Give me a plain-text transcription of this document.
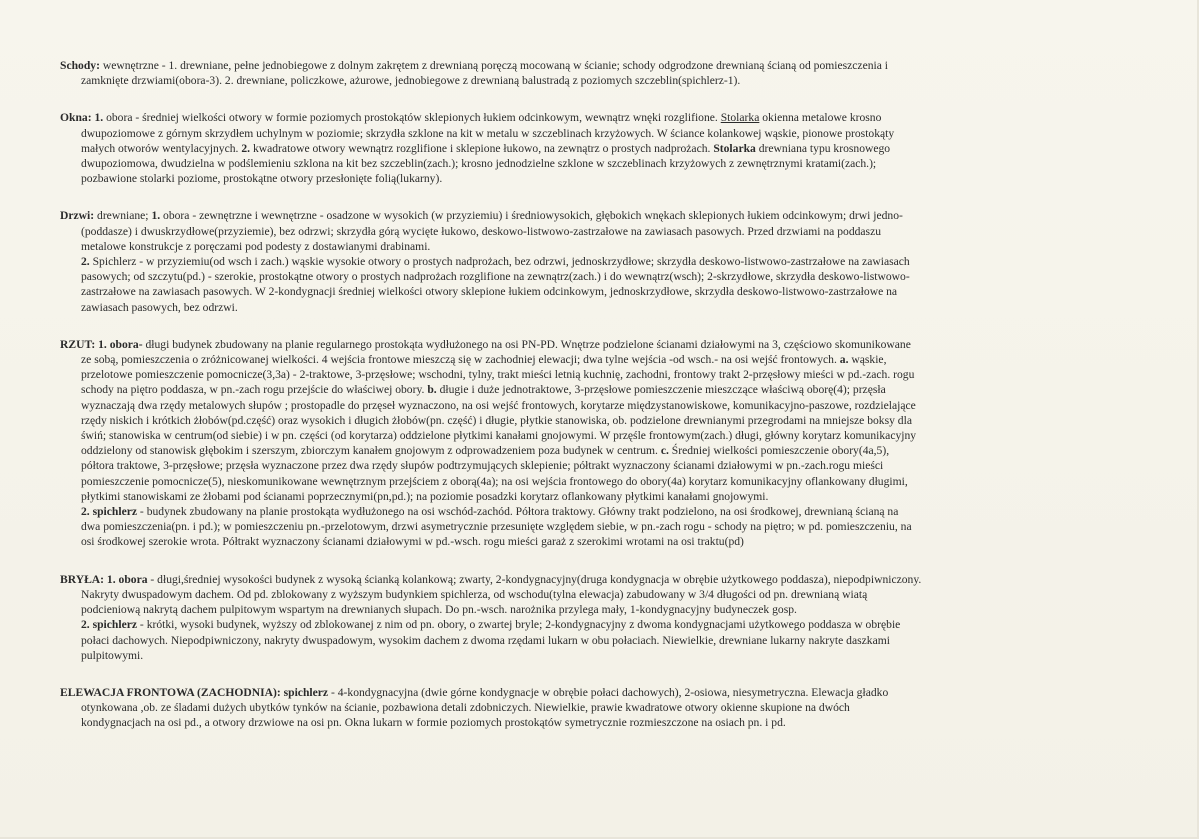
Schody: wewnętrzne - 1. drewniane, pełne jednobiegowe z dolnym zakrętem z drewnianą poręczą mocowaną w ścianie; schody odgrodzone drewnianą ścianą od pomieszczenia i
zamknięte drzwiami(obora-3). 2. drewniane, policzkowe, ażurowe, jednobiegowe z drewnianą balustradą z poziomych szczeblin(spichlerz-1).
Okna: 1. obora - średniej wielkości otwory w formie poziomych prostokątów sklepionych łukiem odcinkowym, wewnątrz wnęki rozglifione. Stolarka okienna metalowe krosno
dwupoziomowe z górnym skrzydłem uchylnym w poziomie; skrzydła szklone na kit w metalu w szczeblinach krzyżowych. W ściance kolankowej wąskie, pionowe prostokąty
małych otworów wentylacyjnych. 2. kwadratowe otwory wewnątrz rozglifione i sklepione łukowo, na zewnątrz o prostych nadprożach. Stolarka drewniana typu krosnowego
dwupoziomowa, dwudzielna w podślemieniu szklona na kit bez szczeblin(zach.); krosno jednodzielne szklone w szczeblinach krzyżowych z zewnętrznymi kratami(zach.);
pozbawione stolarki poziome, prostokątne otwory przesłonięte folią(lukarny).
Drzwi: drewniane; 1. obora - zewnętrzne i wewnętrzne - osadzone w wysokich (w przyziemiu) i średniowysokich, głębokich wnękach sklepionych łukiem odcinkowym; drwi jedno-
(poddasze) i dwuskrzydłowe(przyziemie), bez odrzwi; skrzydła górą wycięte łukowo, deskowo-listwowo-zastrzałowe na zawiasach pasowych. Przed drzwiami na poddaszu
metalowe konstrukcje z poręczami pod podesty z dostawianymi drabinami.
2. Spichlerz - w przyziemiu(od wsch i zach.) wąskie wysokie otwory o prostych nadprożach, bez odrzwi, jednoskrzydłowe; skrzydła deskowo-listwowo-zastrzałowe na zawiasach
pasowych; od szczytu(pd.) - szerokie, prostokątne otwory o prostych nadprożach rozglifione na zewnątrz(zach.) i do wewnątrz(wsch); 2-skrzydłowe, skrzydła deskowo-listwowo-
zastrzałowe na zawiasach pasowych. W 2-kondygnacji średniej wielkości otwory sklepione łukiem odcinkowym, jednoskrzydłowe, skrzydła deskowo-listwowo-zastrzałowe na
zawiasach pasowych, bez odrzwi.
RZUT: 1. obora- długi budynek zbudowany na planie regularnego prostokąta wydłużonego na osi PN-PD. Wnętrze podzielone ścianami działowymi na 3, częściowo skomunikowane
ze sobą, pomieszczenia o zróżnicowanej wielkości. 4 wejścia frontowe mieszczą się w zachodniej elewacji; dwa tylne wejścia -od wsch.- na osi wejść frontowych. a. wąskie,
przelotowe pomieszczenie pomocnicze(3,3a) - 2-traktowe, 3-przęsłowe; wschodni, tylny, trakt mieści letnią kuchnię, zachodni, frontowy trakt 2-przęsłowy mieści w pd.-zach. rogu
schody na piętro poddasza, w pn.-zach rogu przejście do właściwej obory. b. długie i duże jednotraktowe, 3-przęsłowe pomieszczenie mieszczące właściwą oborę(4); przęsła
wyznaczają dwa rzędy metalowych słupów ; prostopadle do przęseł wyznaczono, na osi wejść frontowych, korytarze międzystanowiskowe, komunikacyjno-paszowe, rozdzielające
rzędy niskich i krótkich żłobów(pd.część) oraz wysokich i długich żłobów(pn. część) i długie, płytkie stanowiska, ob. podzielone drewnianymi przegrodami na mniejsze boksy dla
świń; stanowiska w centrum(od siebie) i w pn. części (od korytarza) oddzielone płytkimi kanałami gnojowymi. W przęśle frontowym(zach.) długi, główny korytarz komunikacyjny
oddzielony od stanowisk głębokim i szerszym, zbiorczym kanałem gnojowym z odprowadzeniem poza budynek w centrum. c. Średniej wielkości pomieszczenie obory(4a,5),
półtora traktowe, 3-przęsłowe; przęsła wyznaczone przez dwa rzędy słupów podtrzymujących sklepienie; półtrakt wyznaczony ścianami działowymi w pn.-zach.rogu mieści
pomieszczenie pomocnicze(5), nieskomunikowane wewnętrznym przejściem z oborą(4a); na osi wejścia frontowego do obory(4a) korytarz komunikacyjny oflankowany długimi,
płytkimi stanowiskami ze żłobami pod ścianami poprzecznymi(pn,pd.); na poziomie posadzki korytarz oflankowany płytkimi kanałami gnojowymi.
2. spichlerz - budynek zbudowany na planie prostokąta wydłużonego na osi wschód-zachód. Półtora traktowy. Główny trakt podzielono, na osi środkowej, drewnianą ścianą na
dwa pomieszczenia(pn. i pd.); w pomieszczeniu pn.-przelotowym, drzwi asymetrycznie przesunięte względem siebie, w pn.-zach rogu - schody na piętro; w pd. pomieszczeniu, na
osi środkowej szerokie wrota. Półtrakt wyznaczony ścianami działowymi w pd.-wsch. rogu mieści garaż z szerokimi wrotami na osi traktu(pd)
BRYŁA: 1. obora - długi,średniej wysokości budynek z wysoką ścianką kolankową; zwarty, 2-kondygnacyjny(druga kondygnacja w obrębie użytkowego poddasza), niepodpiwniczony.
Nakryty dwuspadowym dachem. Od pd. zblokowany z wyższym budynkiem spichlerza, od wschodu(tylna elewacja) zabudowany w 3/4 długości od pn. drewnianą wiatą
podcieniową nakrytą dachem pulpitowym wspartym na drewnianych słupach. Do pn.-wsch. narożnika przylega mały, 1-kondygnacyjny budyneczek gosp.
2. spichlerz - krótki, wysoki budynek, wyższy od zblokowanej z nim od pn. obory, o zwartej bryle; 2-kondygnacyjny z dwoma kondygnacjami użytkowego poddasza w obrębie
połaci dachowych. Niepodpiwniczony, nakryty dwuspadowym, wysokim dachem z dwoma rzędami lukarn w obu połaciach. Niewielkie, drewniane lukarny nakryte daszkami
pulpitowymi.
ELEWACJA FRONTOWA (ZACHODNIA): spichlerz - 4-kondygnacyjna (dwie górne kondygnacje w obrębie połaci dachowych), 2-osiowa, niesymetryczna. Elewacja gładko
otynkowana ,ob. ze śladami dużych ubytków tynków na ścianie, pozbawiona detali zdobniczych. Niewielkie, prawie kwadratowe otwory okienne skupione na dwóch
kondygnacjach na osi pd., a otwory drzwiowe na osi pn. Okna lukarn w formie poziomych prostokątów symetrycznie rozmieszczone na osiach pn. i pd.
